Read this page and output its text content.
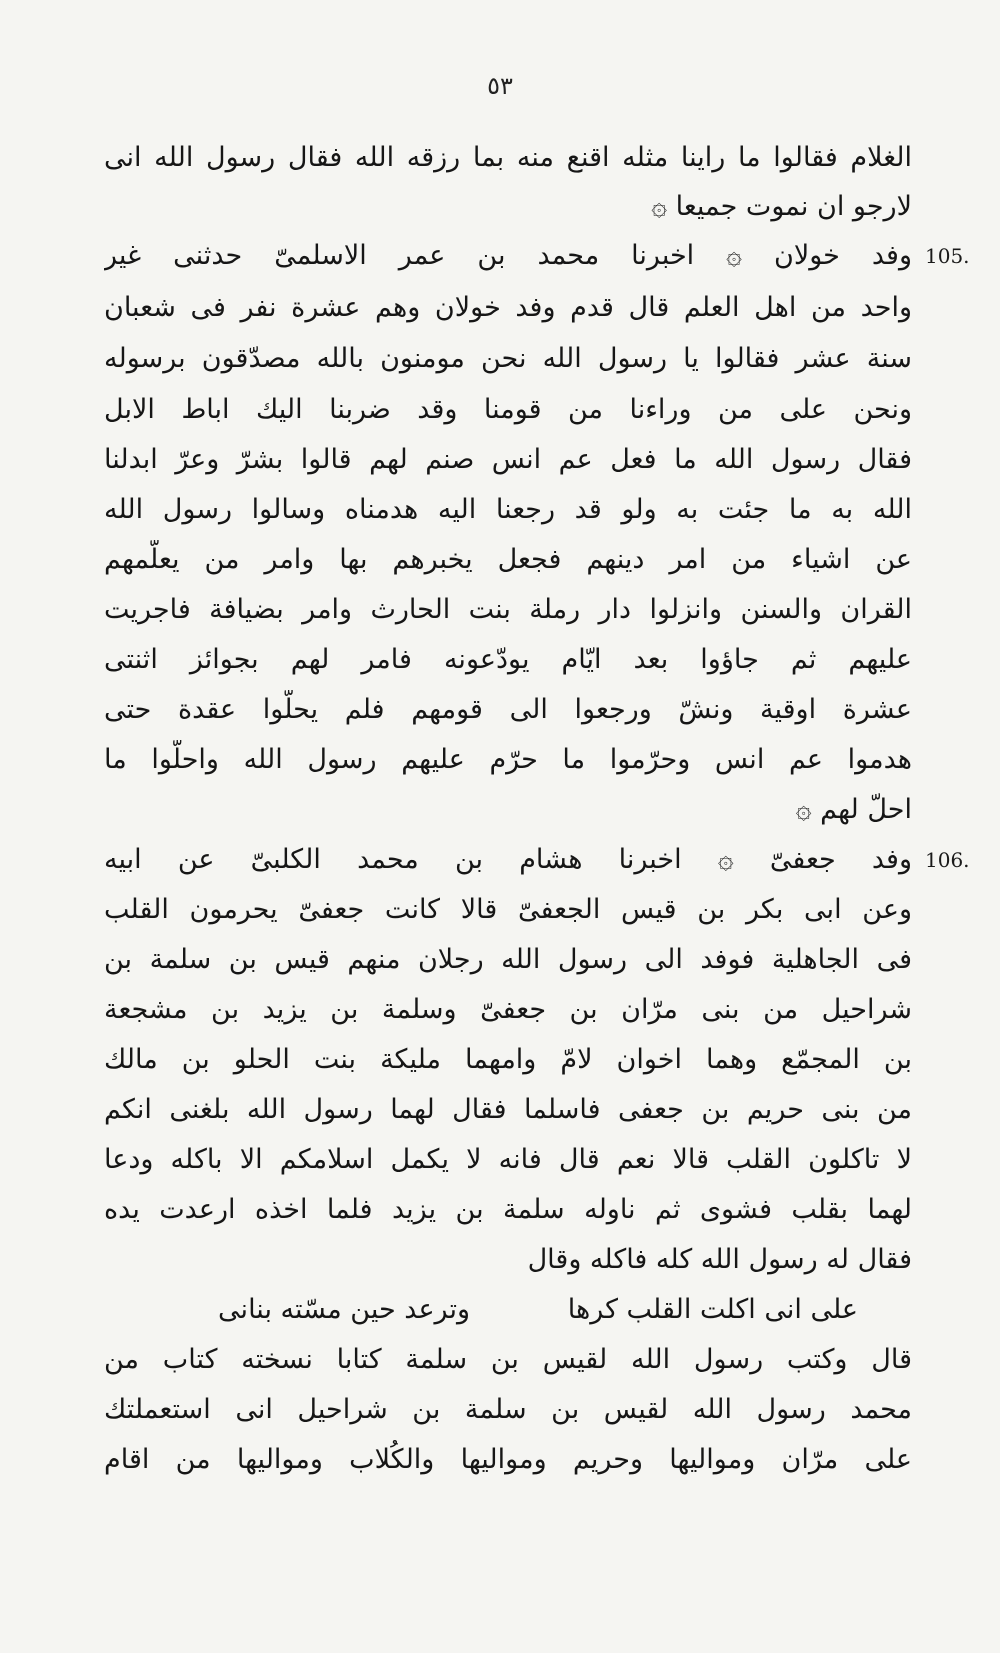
٥٣
الغلام فقالوا ما راينا مثله اقنع منه بما رزقه الله فقال رسول الله انى
لارجو ان نموت جميعا ۞
105.
وفد خولان ۞ اخبرنا محمد بن عمر الاسلمىّ حدثنى غير
واحد من اهل العلم قال قدم وفد خولان وهم عشرة نفر فى شعبان
سنة عشر فقالوا يا رسول الله نحن مومنون بالله مصدّقون برسوله
ونحن على من وراءنا من قومنا وقد ضربنا اليك اباط الابل
فقال رسول الله ما فعل عم انس صنم لهم قالوا بشرّ وعرّ ابدلنا
الله به ما جئت به ولو قد رجعنا اليه هدمناه وسالوا رسول الله
عن اشياء من امر دينهم فجعل يخبرهم بها وامر من يعلّمهم
القران والسنن وانزلوا دار رملة بنت الحارث وامر بضيافة فاجريت
عليهم ثم جاؤوا بعد ايّام يودّعونه فامر لهم بجوائز اثنتى
عشرة اوقية ونشّ ورجعوا الى قومهم فلم يحلّوا عقدة حتى
هدموا عم انس وحرّموا ما حرّم عليهم رسول الله واحلّوا ما
احلّ لهم ۞
106.
وفد جعفىّ ۞ اخبرنا هشام بن محمد الكلبىّ عن ابيه
وعن ابى بكر بن قيس الجعفىّ قالا كانت جعفىّ يحرمون القلب
فى الجاهلية فوفد الى رسول الله رجلان منهم قيس بن سلمة بن
شراحيل من بنى مرّان بن جعفىّ وسلمة بن يزيد بن مشجعة
بن المجمّع وهما اخوان لامّ وامهما مليكة بنت الحلو بن مالك
من بنى حريم بن جعفى فاسلما فقال لهما رسول الله بلغنى انكم
لا تاكلون القلب قالا نعم قال فانه لا يكمل اسلامكم الا باكله ودعا
لهما بقلب فشوى ثم ناوله سلمة بن يزيد فلما اخذه ارعدت يده
فقال له رسول الله كله فاكله وقال
على انى اكلت القلب كرها
وترعد حين مسّته بنانى
قال وكتب رسول الله لقيس بن سلمة كتابا نسخته كتاب من
محمد رسول الله لقيس بن سلمة بن شراحيل انى استعملتك
على مرّان ومواليها وحريم ومواليها والكُلاب ومواليها من اقام
